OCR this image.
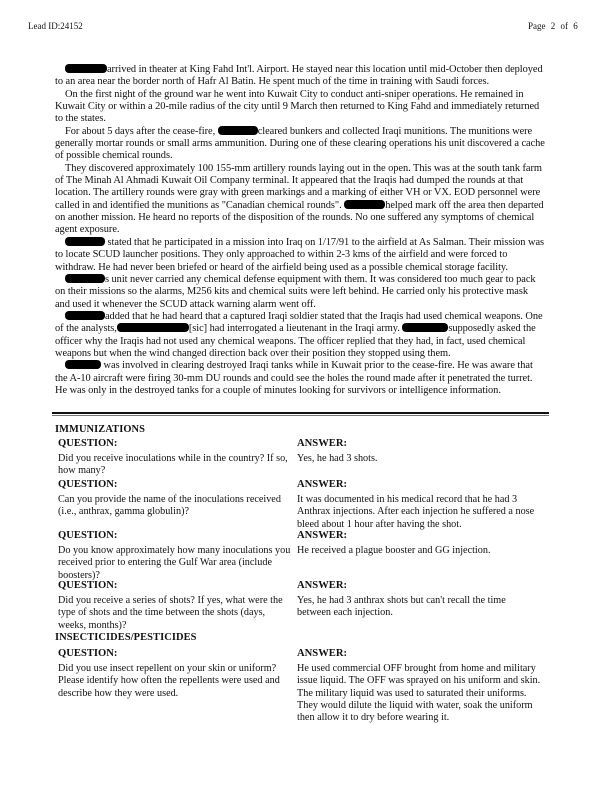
Lead ID:24152	Page 2 of 6

arrived in theater at King Fahd Int'l. Airport. He stayed near this location until mid-October then deployed to an area near the border north of Hafr Al Batin. He spent much of the time in training with Saudi forces.

On the first night of the ground war he went into Kuwait City to conduct anti-sniper operations. He remained in Kuwait City or within a 20-mile radius of the city until 9 March then returned to King Fahd and immediately returned to the states.

For about 5 days after the cease-fire,	cleared bunkers and collected Iraqi munitions. The munitions were generally mortar rounds or small arms ammunition. During one of these clearing operations his unit discovered a cache of possible chemical rounds.

They discovered approximately 100 155-mm artillery rounds laying out in the open. This was at the south tank farm of The Minah Al Ahmadi Kuwait Oil Company terminal. It appeared that the Iraqis had dumped the rounds at that location. The artillery rounds were gray with green markings and a marking of either VH or VX. EOD personnel were called in and identified the munitions as "Canadian chemical rounds".	helped mark off the area then departed on another mission. He heard no reports of the disposition of the rounds. No one suffered any symptoms of chemical agent exposure.

stated that he participated in a mission into Iraq on 1/17/91 to the airfield at As Salman. Their mission was to locate SCUD launcher positions. They only approached to within 2-3 kms of the airfield and were forced to withdraw. He had never been briefed or heard of the airfield being used as a possible chemical storage facility.

s unit never carried any chemical defense equipment with them. It was considered too much gear to pack on their missions so the alarms, M256 kits and chemical suits were left behind. He carried only his protective mask and used it whenever the SCUD attack warning alarm went off.

added that he had heard that a captured Iraqi soldier stated that the Iraqis had used chemical weapons. One of the analysts,	[sic] had interrogated a lieutenant in the Iraqi army.	supposedly asked the officer why the Iraqis had not used any chemical weapons. The officer replied that they had, in fact, used chemical weapons but when the wind changed direction back over their position they stopped using them.

was involved in clearing destroyed Iraqi tanks while in Kuwait prior to the cease-fire. He was aware that the A-10 aircraft were firing 30-mm DU rounds and could see the holes the round made after it penetrated the turret. He was only in the destroyed tanks for a couple of minutes looking for survivors or intelligence information.

IMMUNIZATIONS
QUESTION:
Did you receive inoculations while in the country? If so, how many?
ANSWER:
Yes, he had 3 shots.
QUESTION:
Can you provide the name of the inoculations received (i.e., anthrax, gamma globulin)?
ANSWER:
It was documented in his medical record that he had 3 Anthrax injections. After each injection he suffered a nose bleed about 1 hour after having the shot.
QUESTION:
Do you know approximately how many inoculations you received prior to entering the Gulf War area (include boosters)?
ANSWER:
He received a plague booster and GG injection.
QUESTION:
Did you receive a series of shots? If yes, what were the type of shots and the time between the shots (days, weeks, months)?
ANSWER:
Yes, he had 3 anthrax shots but can't recall the time between each injection.
INSECTICIDES/PESTICIDES
QUESTION:
Did you use insect repellent on your skin or uniform? Please identify how often the repellents were used and describe how they were used.
ANSWER:
He used commercial OFF brought from home and military issue liquid. The OFF was sprayed on his uniform and skin. The military liquid was used to saturated their uniforms. They would dilute the liquid with water, soak the uniform then allow it to dry before wearing it.
